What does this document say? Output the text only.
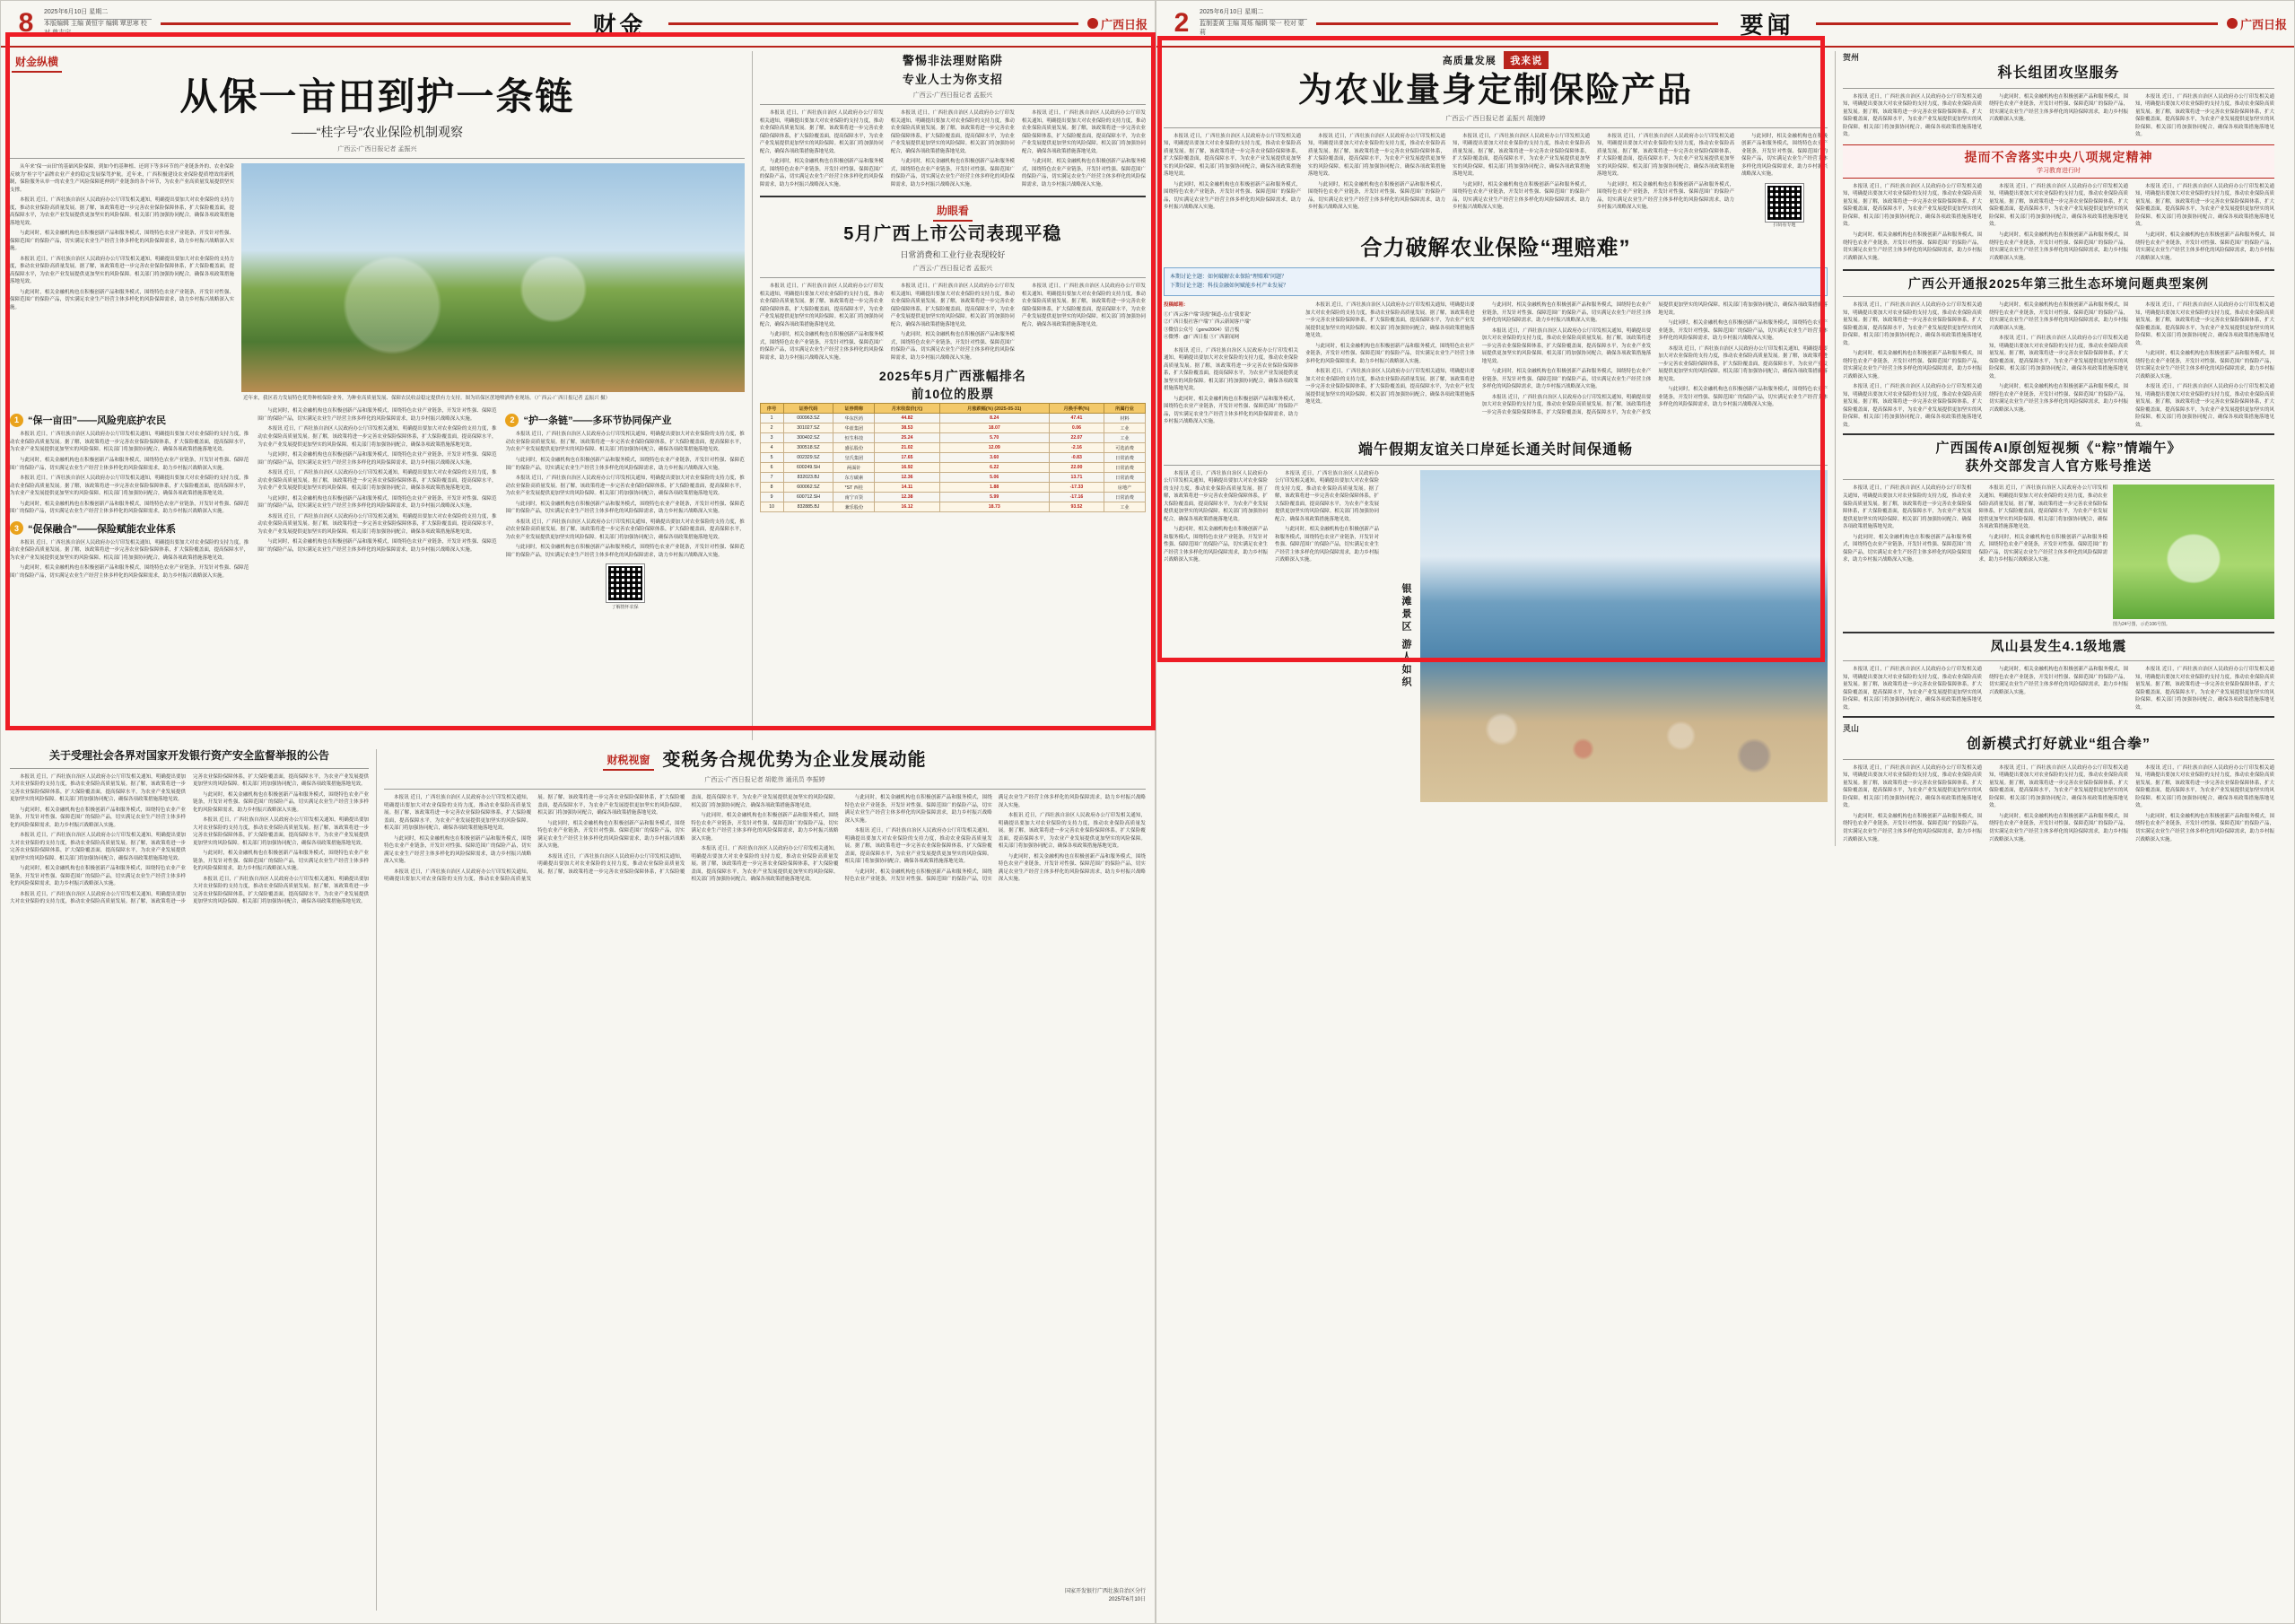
8	2025年6月10日 星期二
本版编辑 主编 黄恒宇 编辑 覃思寒 校对 曾志宁	财金	广西日报
财金纵横
从保一亩田到护一条链
——“桂字号”农业保险机制观察
广西云-广西日报记者 孟振兴

从年来“保一亩田”的基础风险保障，到如今的基种植、还到下等多环节的产业链条外的、农业保险反映为“桂字号”品牌农业产业的稳定发展保驾护航。近年来，广西积极建设农业保险提质增效的新机制，保险服务从单一的农业生产风险保障延伸到产业链条的各个环节，为农业产业高质量发展提供坚实支撑。

本报讯 近日，广西壮族自治区人民政府办公厅印发相关通知，明确提出要加大对农业保险的支持力度，推动农业保险高质量发展。据了解，该政策将进一步完善农业保险保障体系，扩大保险覆盖面，提高保障水平，为农业产业发展提供更加坚实的风险保障。相关部门将加强协同配合，确保各项政策措施落地见效。

与此同时，相关金融机构也在积极创新产品和服务模式，围绕特色农业产业链条，开发针对性强、保障范围广的保险产品，切实满足农业生产经营主体多样化的风险保障需求，助力乡村振兴战略深入实施。

本报讯 近日，广西壮族自治区人民政府办公厅印发相关通知，明确提出要加大对农业保险的支持力度，推动农业保险高质量发展。据了解，该政策将进一步完善农业保险保障体系，扩大保险覆盖面，提高保障水平，为农业产业发展提供更加坚实的风险保障。相关部门将加强协同配合，确保各项政策措施落地见效。

与此同时，相关金融机构也在积极创新产品和服务模式，围绕特色农业产业链条，开发针对性强、保障范围广的保险产品，切实满足农业生产经营主体多样化的风险保障需求，助力乡村振兴战略深入实施。

近年来，我区着力发展特色优势种植保险业务，为种业高质量发展、保障农民收益稳定提供有力支持。图为培保区蔗地喷洒作业现场。（广西云-广西日报记者 孟振兴 摄）
1 “保一亩田”——风险兜底护农民

本报讯 近日，广西壮族自治区人民政府办公厅印发相关通知，明确提出要加大对农业保险的支持力度，推动农业保险高质量发展。据了解，该政策将进一步完善农业保险保障体系，扩大保险覆盖面，提高保障水平，为农业产业发展提供更加坚实的风险保障。相关部门将加强协同配合，确保各项政策措施落地见效。

与此同时，相关金融机构也在积极创新产品和服务模式，围绕特色农业产业链条，开发针对性强、保障范围广的保险产品，切实满足农业生产经营主体多样化的风险保障需求，助力乡村振兴战略深入实施。

本报讯 近日，广西壮族自治区人民政府办公厅印发相关通知，明确提出要加大对农业保险的支持力度，推动农业保险高质量发展。据了解，该政策将进一步完善农业保险保障体系，扩大保险覆盖面，提高保障水平，为农业产业发展提供更加坚实的风险保障。相关部门将加强协同配合，确保各项政策措施落地见效。

与此同时，相关金融机构也在积极创新产品和服务模式，围绕特色农业产业链条，开发针对性强、保障范围广的保险产品，切实满足农业生产经营主体多样化的风险保障需求，助力乡村振兴战略深入实施。

3 “促保融合”——保险赋能农业体系

本报讯 近日，广西壮族自治区人民政府办公厅印发相关通知，明确提出要加大对农业保险的支持力度，推动农业保险高质量发展。据了解，该政策将进一步完善农业保险保障体系，扩大保险覆盖面，提高保障水平，为农业产业发展提供更加坚实的风险保障。相关部门将加强协同配合，确保各项政策措施落地见效。

与此同时，相关金融机构也在积极创新产品和服务模式，围绕特色农业产业链条，开发针对性强、保障范围广的保险产品，切实满足农业生产经营主体多样化的风险保障需求，助力乡村振兴战略深入实施。

与此同时，相关金融机构也在积极创新产品和服务模式，围绕特色农业产业链条，开发针对性强、保障范围广的保险产品，切实满足农业生产经营主体多样化的风险保障需求，助力乡村振兴战略深入实施。

本报讯 近日，广西壮族自治区人民政府办公厅印发相关通知，明确提出要加大对农业保险的支持力度，推动农业保险高质量发展。据了解，该政策将进一步完善农业保险保障体系，扩大保险覆盖面，提高保障水平，为农业产业发展提供更加坚实的风险保障。相关部门将加强协同配合，确保各项政策措施落地见效。

与此同时，相关金融机构也在积极创新产品和服务模式，围绕特色农业产业链条，开发针对性强、保障范围广的保险产品，切实满足农业生产经营主体多样化的风险保障需求，助力乡村振兴战略深入实施。

本报讯 近日，广西壮族自治区人民政府办公厅印发相关通知，明确提出要加大对农业保险的支持力度，推动农业保险高质量发展。据了解，该政策将进一步完善农业保险保障体系，扩大保险覆盖面，提高保障水平，为农业产业发展提供更加坚实的风险保障。相关部门将加强协同配合，确保各项政策措施落地见效。

与此同时，相关金融机构也在积极创新产品和服务模式，围绕特色农业产业链条，开发针对性强、保障范围广的保险产品，切实满足农业生产经营主体多样化的风险保障需求，助力乡村振兴战略深入实施。

本报讯 近日，广西壮族自治区人民政府办公厅印发相关通知，明确提出要加大对农业保险的支持力度，推动农业保险高质量发展。据了解，该政策将进一步完善农业保险保障体系，扩大保险覆盖面，提高保障水平，为农业产业发展提供更加坚实的风险保障。相关部门将加强协同配合，确保各项政策措施落地见效。

与此同时，相关金融机构也在积极创新产品和服务模式，围绕特色农业产业链条，开发针对性强、保障范围广的保险产品，切实满足农业生产经营主体多样化的风险保障需求，助力乡村振兴战略深入实施。

2 “护一条链”——多环节协同保产业

本报讯 近日，广西壮族自治区人民政府办公厅印发相关通知，明确提出要加大对农业保险的支持力度，推动农业保险高质量发展。据了解，该政策将进一步完善农业保险保障体系，扩大保险覆盖面，提高保障水平，为农业产业发展提供更加坚实的风险保障。相关部门将加强协同配合，确保各项政策措施落地见效。

与此同时，相关金融机构也在积极创新产品和服务模式，围绕特色农业产业链条，开发针对性强、保障范围广的保险产品，切实满足农业生产经营主体多样化的风险保障需求，助力乡村振兴战略深入实施。

本报讯 近日，广西壮族自治区人民政府办公厅印发相关通知，明确提出要加大对农业保险的支持力度，推动农业保险高质量发展。据了解，该政策将进一步完善农业保险保障体系，扩大保险覆盖面，提高保障水平，为农业产业发展提供更加坚实的风险保障。相关部门将加强协同配合，确保各项政策措施落地见效。

与此同时，相关金融机构也在积极创新产品和服务模式，围绕特色农业产业链条，开发针对性强、保障范围广的保险产品，切实满足农业生产经营主体多样化的风险保障需求，助力乡村振兴战略深入实施。

本报讯 近日，广西壮族自治区人民政府办公厅印发相关通知，明确提出要加大对农业保险的支持力度，推动农业保险高质量发展。据了解，该政策将进一步完善农业保险保障体系，扩大保险覆盖面，提高保障水平，为农业产业发展提供更加坚实的风险保障。相关部门将加强协同配合，确保各项政策措施落地见效。

与此同时，相关金融机构也在积极创新产品和服务模式，围绕特色农业产业链条，开发针对性强、保障范围广的保险产品，切实满足农业生产经营主体多样化的风险保障需求，助力乡村振兴战略深入实施。

了解情怀农保
警惕非法理财陷阱
专业人士为你支招
广西云-广西日报记者 孟振兴

本报讯 近日，广西壮族自治区人民政府办公厅印发相关通知，明确提出要加大对农业保险的支持力度，推动农业保险高质量发展。据了解，该政策将进一步完善农业保险保障体系，扩大保险覆盖面，提高保障水平，为农业产业发展提供更加坚实的风险保障。相关部门将加强协同配合，确保各项政策措施落地见效。

与此同时，相关金融机构也在积极创新产品和服务模式，围绕特色农业产业链条，开发针对性强、保障范围广的保险产品，切实满足农业生产经营主体多样化的风险保障需求，助力乡村振兴战略深入实施。

本报讯 近日，广西壮族自治区人民政府办公厅印发相关通知，明确提出要加大对农业保险的支持力度，推动农业保险高质量发展。据了解，该政策将进一步完善农业保险保障体系，扩大保险覆盖面，提高保障水平，为农业产业发展提供更加坚实的风险保障。相关部门将加强协同配合，确保各项政策措施落地见效。

与此同时，相关金融机构也在积极创新产品和服务模式，围绕特色农业产业链条，开发针对性强、保障范围广的保险产品，切实满足农业生产经营主体多样化的风险保障需求，助力乡村振兴战略深入实施。

本报讯 近日，广西壮族自治区人民政府办公厅印发相关通知，明确提出要加大对农业保险的支持力度，推动农业保险高质量发展。据了解，该政策将进一步完善农业保险保障体系，扩大保险覆盖面，提高保障水平，为农业产业发展提供更加坚实的风险保障。相关部门将加强协同配合，确保各项政策措施落地见效。

与此同时，相关金融机构也在积极创新产品和服务模式，围绕特色农业产业链条，开发针对性强、保障范围广的保险产品，切实满足农业生产经营主体多样化的风险保障需求，助力乡村振兴战略深入实施。

助眼看
5月广西上市公司表现平稳
日常消费和工业行业表现较好
广西云-广西日报记者 孟振兴

本报讯 近日，广西壮族自治区人民政府办公厅印发相关通知，明确提出要加大对农业保险的支持力度，推动农业保险高质量发展。据了解，该政策将进一步完善农业保险保障体系，扩大保险覆盖面，提高保障水平，为农业产业发展提供更加坚实的风险保障。相关部门将加强协同配合，确保各项政策措施落地见效。

与此同时，相关金融机构也在积极创新产品和服务模式，围绕特色农业产业链条，开发针对性强、保障范围广的保险产品，切实满足农业生产经营主体多样化的风险保障需求，助力乡村振兴战略深入实施。

本报讯 近日，广西壮族自治区人民政府办公厅印发相关通知，明确提出要加大对农业保险的支持力度，推动农业保险高质量发展。据了解，该政策将进一步完善农业保险保障体系，扩大保险覆盖面，提高保障水平，为农业产业发展提供更加坚实的风险保障。相关部门将加强协同配合，确保各项政策措施落地见效。

与此同时，相关金融机构也在积极创新产品和服务模式，围绕特色农业产业链条，开发针对性强、保障范围广的保险产品，切实满足农业生产经营主体多样化的风险保障需求，助力乡村振兴战略深入实施。

本报讯 近日，广西壮族自治区人民政府办公厅印发相关通知，明确提出要加大对农业保险的支持力度，推动农业保险高质量发展。据了解，该政策将进一步完善农业保险保障体系，扩大保险覆盖面，提高保障水平，为农业产业发展提供更加坚实的风险保障。相关部门将加强协同配合，确保各项政策措施落地见效。

2025年5月广西涨幅排名
前10位的股票
序号	证券代码	证券简称	月末收盘价(元)	月涨跌幅(%) (2025-05-31)	月换手率(%)	所属行业
1	000963.SZ	华东医药	44.82	8.24	47.41	材料
2	301027.SZ	华蓝集团	38.53	18.07	0.06	工业
3	300402.SZ	恒生科技	25.24	5.70	22.07	工业
4	300518.SZ	盛弘股份	21.02	12.09	-2.16	可选消费
5	002329.SZ	皇氏集团	17.65	3.60	-0.83	日常消费
6	600249.SH	两面针	16.92	6.22	22.00	日常消费
7	832023.BJ	东方碳素	12.36	5.06	13.71	日常消费
8	600062.SZ	*ST 西桂	14.11	1.88	-17.33	房地产
9	600712.SH	南宁百货	12.38	5.99	-17.16	日常消费
10	832885.BJ	兼乐股份	16.12	18.73	93.52	工业
关于受理社会各界对国家开发银行资产安全监督举报的公告

本报讯 近日，广西壮族自治区人民政府办公厅印发相关通知，明确提出要加大对农业保险的支持力度，推动农业保险高质量发展。据了解，该政策将进一步完善农业保险保障体系，扩大保险覆盖面，提高保障水平，为农业产业发展提供更加坚实的风险保障。相关部门将加强协同配合，确保各项政策措施落地见效。

与此同时，相关金融机构也在积极创新产品和服务模式，围绕特色农业产业链条，开发针对性强、保障范围广的保险产品，切实满足农业生产经营主体多样化的风险保障需求，助力乡村振兴战略深入实施。

本报讯 近日，广西壮族自治区人民政府办公厅印发相关通知，明确提出要加大对农业保险的支持力度，推动农业保险高质量发展。据了解，该政策将进一步完善农业保险保障体系，扩大保险覆盖面，提高保障水平，为农业产业发展提供更加坚实的风险保障。相关部门将加强协同配合，确保各项政策措施落地见效。

与此同时，相关金融机构也在积极创新产品和服务模式，围绕特色农业产业链条，开发针对性强、保障范围广的保险产品，切实满足农业生产经营主体多样化的风险保障需求，助力乡村振兴战略深入实施。

本报讯 近日，广西壮族自治区人民政府办公厅印发相关通知，明确提出要加大对农业保险的支持力度，推动农业保险高质量发展。据了解，该政策将进一步完善农业保险保障体系，扩大保险覆盖面，提高保障水平，为农业产业发展提供更加坚实的风险保障。相关部门将加强协同配合，确保各项政策措施落地见效。

与此同时，相关金融机构也在积极创新产品和服务模式，围绕特色农业产业链条，开发针对性强、保障范围广的保险产品，切实满足农业生产经营主体多样化的风险保障需求，助力乡村振兴战略深入实施。

本报讯 近日，广西壮族自治区人民政府办公厅印发相关通知，明确提出要加大对农业保险的支持力度，推动农业保险高质量发展。据了解，该政策将进一步完善农业保险保障体系，扩大保险覆盖面，提高保障水平，为农业产业发展提供更加坚实的风险保障。相关部门将加强协同配合，确保各项政策措施落地见效。

与此同时，相关金融机构也在积极创新产品和服务模式，围绕特色农业产业链条，开发针对性强、保障范围广的保险产品，切实满足农业生产经营主体多样化的风险保障需求，助力乡村振兴战略深入实施。

本报讯 近日，广西壮族自治区人民政府办公厅印发相关通知，明确提出要加大对农业保险的支持力度，推动农业保险高质量发展。据了解，该政策将进一步完善农业保险保障体系，扩大保险覆盖面，提高保障水平，为农业产业发展提供更加坚实的风险保障。相关部门将加强协同配合，确保各项政策措施落地见效。

财税视窗 变税务合规优势为企业发展动能
广西云-广西日报记者 胡乾伟 通讯员 李振婷

本报讯 近日，广西壮族自治区人民政府办公厅印发相关通知，明确提出要加大对农业保险的支持力度，推动农业保险高质量发展。据了解，该政策将进一步完善农业保险保障体系，扩大保险覆盖面，提高保障水平，为农业产业发展提供更加坚实的风险保障。相关部门将加强协同配合，确保各项政策措施落地见效。

与此同时，相关金融机构也在积极创新产品和服务模式，围绕特色农业产业链条，开发针对性强、保障范围广的保险产品，切实满足农业生产经营主体多样化的风险保障需求，助力乡村振兴战略深入实施。

本报讯 近日，广西壮族自治区人民政府办公厅印发相关通知，明确提出要加大对农业保险的支持力度，推动农业保险高质量发展。据了解，该政策将进一步完善农业保险保障体系，扩大保险覆盖面，提高保障水平，为农业产业发展提供更加坚实的风险保障。相关部门将加强协同配合，确保各项政策措施落地见效。

与此同时，相关金融机构也在积极创新产品和服务模式，围绕特色农业产业链条，开发针对性强、保障范围广的保险产品，切实满足农业生产经营主体多样化的风险保障需求，助力乡村振兴战略深入实施。

本报讯 近日，广西壮族自治区人民政府办公厅印发相关通知，明确提出要加大对农业保险的支持力度，推动农业保险高质量发展。据了解，该政策将进一步完善农业保险保障体系，扩大保险覆盖面，提高保障水平，为农业产业发展提供更加坚实的风险保障。相关部门将加强协同配合，确保各项政策措施落地见效。

与此同时，相关金融机构也在积极创新产品和服务模式，围绕特色农业产业链条，开发针对性强、保障范围广的保险产品，切实满足农业生产经营主体多样化的风险保障需求，助力乡村振兴战略深入实施。

本报讯 近日，广西壮族自治区人民政府办公厅印发相关通知，明确提出要加大对农业保险的支持力度，推动农业保险高质量发展。据了解，该政策将进一步完善农业保险保障体系，扩大保险覆盖面，提高保障水平，为农业产业发展提供更加坚实的风险保障。相关部门将加强协同配合，确保各项政策措施落地见效。

与此同时，相关金融机构也在积极创新产品和服务模式，围绕特色农业产业链条，开发针对性强、保障范围广的保险产品，切实满足农业生产经营主体多样化的风险保障需求，助力乡村振兴战略深入实施。

本报讯 近日，广西壮族自治区人民政府办公厅印发相关通知，明确提出要加大对农业保险的支持力度，推动农业保险高质量发展。据了解，该政策将进一步完善农业保险保障体系，扩大保险覆盖面，提高保障水平，为农业产业发展提供更加坚实的风险保障。相关部门将加强协同配合，确保各项政策措施落地见效。

与此同时，相关金融机构也在积极创新产品和服务模式，围绕特色农业产业链条，开发针对性强、保障范围广的保险产品，切实满足农业生产经营主体多样化的风险保障需求，助力乡村振兴战略深入实施。

本报讯 近日，广西壮族自治区人民政府办公厅印发相关通知，明确提出要加大对农业保险的支持力度，推动农业保险高质量发展。据了解，该政策将进一步完善农业保险保障体系，扩大保险覆盖面，提高保障水平，为农业产业发展提供更加坚实的风险保障。相关部门将加强协同配合，确保各项政策措施落地见效。

与此同时，相关金融机构也在积极创新产品和服务模式，围绕特色农业产业链条，开发针对性强、保障范围广的保险产品，切实满足农业生产经营主体多样化的风险保障需求，助力乡村振兴战略深入实施。

国家开发银行广西壮族自治区分行
2025年6月10日
2	2025年6月10日 星期二
监制娄黄 主编 周烁 编辑 梁一 校对 蒙莉	要闻	广西日报
高质量发展 我来说
为农业量身定制保险产品
广西云-广西日报记者 孟振兴 胡施婷

本报讯 近日，广西壮族自治区人民政府办公厅印发相关通知，明确提出要加大对农业保险的支持力度，推动农业保险高质量发展。据了解，该政策将进一步完善农业保险保障体系，扩大保险覆盖面，提高保障水平，为农业产业发展提供更加坚实的风险保障。相关部门将加强协同配合，确保各项政策措施落地见效。

与此同时，相关金融机构也在积极创新产品和服务模式，围绕特色农业产业链条，开发针对性强、保障范围广的保险产品，切实满足农业生产经营主体多样化的风险保障需求，助力乡村振兴战略深入实施。

本报讯 近日，广西壮族自治区人民政府办公厅印发相关通知，明确提出要加大对农业保险的支持力度，推动农业保险高质量发展。据了解，该政策将进一步完善农业保险保障体系，扩大保险覆盖面，提高保障水平，为农业产业发展提供更加坚实的风险保障。相关部门将加强协同配合，确保各项政策措施落地见效。

与此同时，相关金融机构也在积极创新产品和服务模式，围绕特色农业产业链条，开发针对性强、保障范围广的保险产品，切实满足农业生产经营主体多样化的风险保障需求，助力乡村振兴战略深入实施。

本报讯 近日，广西壮族自治区人民政府办公厅印发相关通知，明确提出要加大对农业保险的支持力度，推动农业保险高质量发展。据了解，该政策将进一步完善农业保险保障体系，扩大保险覆盖面，提高保障水平，为农业产业发展提供更加坚实的风险保障。相关部门将加强协同配合，确保各项政策措施落地见效。

与此同时，相关金融机构也在积极创新产品和服务模式，围绕特色农业产业链条，开发针对性强、保障范围广的保险产品，切实满足农业生产经营主体多样化的风险保障需求，助力乡村振兴战略深入实施。

本报讯 近日，广西壮族自治区人民政府办公厅印发相关通知，明确提出要加大对农业保险的支持力度，推动农业保险高质量发展。据了解，该政策将进一步完善农业保险保障体系，扩大保险覆盖面，提高保障水平，为农业产业发展提供更加坚实的风险保障。相关部门将加强协同配合，确保各项政策措施落地见效。

与此同时，相关金融机构也在积极创新产品和服务模式，围绕特色农业产业链条，开发针对性强、保障范围广的保险产品，切实满足农业生产经营主体多样化的风险保障需求，助力乡村振兴战略深入实施。

与此同时，相关金融机构也在积极创新产品和服务模式，围绕特色农业产业链条，开发针对性强、保障范围广的保险产品，切实满足农业生产经营主体多样化的风险保障需求，助力乡村振兴战略深入实施。

扫码看专题
合力破解农业保险“理赔难”
本期讨论主题：如何破解农业保险“理赔难”问题？
下期讨论主题：科技金融如何赋能乡村产业发展？
投稿邮箱：
①广西云客户端“读报”频道-点击“我要说”
②广西日报社客户端“广西云新闻客户端”
③微信公众号（gxrw2004）留言板
④微博：@广西日报 ⑤广西新闻网

本报讯 近日，广西壮族自治区人民政府办公厅印发相关通知，明确提出要加大对农业保险的支持力度，推动农业保险高质量发展。据了解，该政策将进一步完善农业保险保障体系，扩大保险覆盖面，提高保障水平，为农业产业发展提供更加坚实的风险保障。相关部门将加强协同配合，确保各项政策措施落地见效。

与此同时，相关金融机构也在积极创新产品和服务模式，围绕特色农业产业链条，开发针对性强、保障范围广的保险产品，切实满足农业生产经营主体多样化的风险保障需求，助力乡村振兴战略深入实施。

本报讯 近日，广西壮族自治区人民政府办公厅印发相关通知，明确提出要加大对农业保险的支持力度，推动农业保险高质量发展。据了解，该政策将进一步完善农业保险保障体系，扩大保险覆盖面，提高保障水平，为农业产业发展提供更加坚实的风险保障。相关部门将加强协同配合，确保各项政策措施落地见效。

与此同时，相关金融机构也在积极创新产品和服务模式，围绕特色农业产业链条，开发针对性强、保障范围广的保险产品，切实满足农业生产经营主体多样化的风险保障需求，助力乡村振兴战略深入实施。

本报讯 近日，广西壮族自治区人民政府办公厅印发相关通知，明确提出要加大对农业保险的支持力度，推动农业保险高质量发展。据了解，该政策将进一步完善农业保险保障体系，扩大保险覆盖面，提高保障水平，为农业产业发展提供更加坚实的风险保障。相关部门将加强协同配合，确保各项政策措施落地见效。

与此同时，相关金融机构也在积极创新产品和服务模式，围绕特色农业产业链条，开发针对性强、保障范围广的保险产品，切实满足农业生产经营主体多样化的风险保障需求，助力乡村振兴战略深入实施。

本报讯 近日，广西壮族自治区人民政府办公厅印发相关通知，明确提出要加大对农业保险的支持力度，推动农业保险高质量发展。据了解，该政策将进一步完善农业保险保障体系，扩大保险覆盖面，提高保障水平，为农业产业发展提供更加坚实的风险保障。相关部门将加强协同配合，确保各项政策措施落地见效。

与此同时，相关金融机构也在积极创新产品和服务模式，围绕特色农业产业链条，开发针对性强、保障范围广的保险产品，切实满足农业生产经营主体多样化的风险保障需求，助力乡村振兴战略深入实施。

本报讯 近日，广西壮族自治区人民政府办公厅印发相关通知，明确提出要加大对农业保险的支持力度，推动农业保险高质量发展。据了解，该政策将进一步完善农业保险保障体系，扩大保险覆盖面，提高保障水平，为农业产业发展提供更加坚实的风险保障。相关部门将加强协同配合，确保各项政策措施落地见效。

与此同时，相关金融机构也在积极创新产品和服务模式，围绕特色农业产业链条，开发针对性强、保障范围广的保险产品，切实满足农业生产经营主体多样化的风险保障需求，助力乡村振兴战略深入实施。

本报讯 近日，广西壮族自治区人民政府办公厅印发相关通知，明确提出要加大对农业保险的支持力度，推动农业保险高质量发展。据了解，该政策将进一步完善农业保险保障体系，扩大保险覆盖面，提高保障水平，为农业产业发展提供更加坚实的风险保障。相关部门将加强协同配合，确保各项政策措施落地见效。

与此同时，相关金融机构也在积极创新产品和服务模式，围绕特色农业产业链条，开发针对性强、保障范围广的保险产品，切实满足农业生产经营主体多样化的风险保障需求，助力乡村振兴战略深入实施。

端午假期友谊关口岸延长通关时间保通畅

本报讯 近日，广西壮族自治区人民政府办公厅印发相关通知，明确提出要加大对农业保险的支持力度，推动农业保险高质量发展。据了解，该政策将进一步完善农业保险保障体系，扩大保险覆盖面，提高保障水平，为农业产业发展提供更加坚实的风险保障。相关部门将加强协同配合，确保各项政策措施落地见效。

与此同时，相关金融机构也在积极创新产品和服务模式，围绕特色农业产业链条，开发针对性强、保障范围广的保险产品，切实满足农业生产经营主体多样化的风险保障需求，助力乡村振兴战略深入实施。

本报讯 近日，广西壮族自治区人民政府办公厅印发相关通知，明确提出要加大对农业保险的支持力度，推动农业保险高质量发展。据了解，该政策将进一步完善农业保险保障体系，扩大保险覆盖面，提高保障水平，为农业产业发展提供更加坚实的风险保障。相关部门将加强协同配合，确保各项政策措施落地见效。

与此同时，相关金融机构也在积极创新产品和服务模式，围绕特色农业产业链条，开发针对性强、保障范围广的保险产品，切实满足农业生产经营主体多样化的风险保障需求，助力乡村振兴战略深入实施。

银滩景区 游人如织
贺州
科长组团攻坚服务

本报讯 近日，广西壮族自治区人民政府办公厅印发相关通知，明确提出要加大对农业保险的支持力度，推动农业保险高质量发展。据了解，该政策将进一步完善农业保险保障体系，扩大保险覆盖面，提高保障水平，为农业产业发展提供更加坚实的风险保障。相关部门将加强协同配合，确保各项政策措施落地见效。

与此同时，相关金融机构也在积极创新产品和服务模式，围绕特色农业产业链条，开发针对性强、保障范围广的保险产品，切实满足农业生产经营主体多样化的风险保障需求，助力乡村振兴战略深入实施。

本报讯 近日，广西壮族自治区人民政府办公厅印发相关通知，明确提出要加大对农业保险的支持力度，推动农业保险高质量发展。据了解，该政策将进一步完善农业保险保障体系，扩大保险覆盖面，提高保障水平，为农业产业发展提供更加坚实的风险保障。相关部门将加强协同配合，确保各项政策措施落地见效。

提而不舍落实中央八项规定精神
学习教育进行时

本报讯 近日，广西壮族自治区人民政府办公厅印发相关通知，明确提出要加大对农业保险的支持力度，推动农业保险高质量发展。据了解，该政策将进一步完善农业保险保障体系，扩大保险覆盖面，提高保障水平，为农业产业发展提供更加坚实的风险保障。相关部门将加强协同配合，确保各项政策措施落地见效。

与此同时，相关金融机构也在积极创新产品和服务模式，围绕特色农业产业链条，开发针对性强、保障范围广的保险产品，切实满足农业生产经营主体多样化的风险保障需求，助力乡村振兴战略深入实施。

本报讯 近日，广西壮族自治区人民政府办公厅印发相关通知，明确提出要加大对农业保险的支持力度，推动农业保险高质量发展。据了解，该政策将进一步完善农业保险保障体系，扩大保险覆盖面，提高保障水平，为农业产业发展提供更加坚实的风险保障。相关部门将加强协同配合，确保各项政策措施落地见效。

与此同时，相关金融机构也在积极创新产品和服务模式，围绕特色农业产业链条，开发针对性强、保障范围广的保险产品，切实满足农业生产经营主体多样化的风险保障需求，助力乡村振兴战略深入实施。

本报讯 近日，广西壮族自治区人民政府办公厅印发相关通知，明确提出要加大对农业保险的支持力度，推动农业保险高质量发展。据了解，该政策将进一步完善农业保险保障体系，扩大保险覆盖面，提高保障水平，为农业产业发展提供更加坚实的风险保障。相关部门将加强协同配合，确保各项政策措施落地见效。

与此同时，相关金融机构也在积极创新产品和服务模式，围绕特色农业产业链条，开发针对性强、保障范围广的保险产品，切实满足农业生产经营主体多样化的风险保障需求，助力乡村振兴战略深入实施。

广西公开通报2025年第三批生态环境问题典型案例

本报讯 近日，广西壮族自治区人民政府办公厅印发相关通知，明确提出要加大对农业保险的支持力度，推动农业保险高质量发展。据了解，该政策将进一步完善农业保险保障体系，扩大保险覆盖面，提高保障水平，为农业产业发展提供更加坚实的风险保障。相关部门将加强协同配合，确保各项政策措施落地见效。

与此同时，相关金融机构也在积极创新产品和服务模式，围绕特色农业产业链条，开发针对性强、保障范围广的保险产品，切实满足农业生产经营主体多样化的风险保障需求，助力乡村振兴战略深入实施。

本报讯 近日，广西壮族自治区人民政府办公厅印发相关通知，明确提出要加大对农业保险的支持力度，推动农业保险高质量发展。据了解，该政策将进一步完善农业保险保障体系，扩大保险覆盖面，提高保障水平，为农业产业发展提供更加坚实的风险保障。相关部门将加强协同配合，确保各项政策措施落地见效。

与此同时，相关金融机构也在积极创新产品和服务模式，围绕特色农业产业链条，开发针对性强、保障范围广的保险产品，切实满足农业生产经营主体多样化的风险保障需求，助力乡村振兴战略深入实施。

本报讯 近日，广西壮族自治区人民政府办公厅印发相关通知，明确提出要加大对农业保险的支持力度，推动农业保险高质量发展。据了解，该政策将进一步完善农业保险保障体系，扩大保险覆盖面，提高保障水平，为农业产业发展提供更加坚实的风险保障。相关部门将加强协同配合，确保各项政策措施落地见效。

与此同时，相关金融机构也在积极创新产品和服务模式，围绕特色农业产业链条，开发针对性强、保障范围广的保险产品，切实满足农业生产经营主体多样化的风险保障需求，助力乡村振兴战略深入实施。

本报讯 近日，广西壮族自治区人民政府办公厅印发相关通知，明确提出要加大对农业保险的支持力度，推动农业保险高质量发展。据了解，该政策将进一步完善农业保险保障体系，扩大保险覆盖面，提高保障水平，为农业产业发展提供更加坚实的风险保障。相关部门将加强协同配合，确保各项政策措施落地见效。

与此同时，相关金融机构也在积极创新产品和服务模式，围绕特色农业产业链条，开发针对性强、保障范围广的保险产品，切实满足农业生产经营主体多样化的风险保障需求，助力乡村振兴战略深入实施。

本报讯 近日，广西壮族自治区人民政府办公厅印发相关通知，明确提出要加大对农业保险的支持力度，推动农业保险高质量发展。据了解，该政策将进一步完善农业保险保障体系，扩大保险覆盖面，提高保障水平，为农业产业发展提供更加坚实的风险保障。相关部门将加强协同配合，确保各项政策措施落地见效。

广西国传AI原创短视频《“粽”情端午》
获外交部发言人官方账号推送

本报讯 近日，广西壮族自治区人民政府办公厅印发相关通知，明确提出要加大对农业保险的支持力度，推动农业保险高质量发展。据了解，该政策将进一步完善农业保险保障体系，扩大保险覆盖面，提高保障水平，为农业产业发展提供更加坚实的风险保障。相关部门将加强协同配合，确保各项政策措施落地见效。

与此同时，相关金融机构也在积极创新产品和服务模式，围绕特色农业产业链条，开发针对性强、保障范围广的保险产品，切实满足农业生产经营主体多样化的风险保障需求，助力乡村振兴战略深入实施。

本报讯 近日，广西壮族自治区人民政府办公厅印发相关通知，明确提出要加大对农业保险的支持力度，推动农业保险高质量发展。据了解，该政策将进一步完善农业保险保障体系，扩大保险覆盖面，提高保障水平，为农业产业发展提供更加坚实的风险保障。相关部门将加强协同配合，确保各项政策措施落地见效。

与此同时，相关金融机构也在积极创新产品和服务模式，围绕特色农业产业链条，开发针对性强、保障范围广的保险产品，切实满足农业生产经营主体多样化的风险保障需求，助力乡村振兴战略深入实施。

图为24号图，示范106号图。
凤山县发生4.1级地震

本报讯 近日，广西壮族自治区人民政府办公厅印发相关通知，明确提出要加大对农业保险的支持力度，推动农业保险高质量发展。据了解，该政策将进一步完善农业保险保障体系，扩大保险覆盖面，提高保障水平，为农业产业发展提供更加坚实的风险保障。相关部门将加强协同配合，确保各项政策措施落地见效。

与此同时，相关金融机构也在积极创新产品和服务模式，围绕特色农业产业链条，开发针对性强、保障范围广的保险产品，切实满足农业生产经营主体多样化的风险保障需求，助力乡村振兴战略深入实施。

本报讯 近日，广西壮族自治区人民政府办公厅印发相关通知，明确提出要加大对农业保险的支持力度，推动农业保险高质量发展。据了解，该政策将进一步完善农业保险保障体系，扩大保险覆盖面，提高保障水平，为农业产业发展提供更加坚实的风险保障。相关部门将加强协同配合，确保各项政策措施落地见效。

灵山
创新模式打好就业“组合拳”

本报讯 近日，广西壮族自治区人民政府办公厅印发相关通知，明确提出要加大对农业保险的支持力度，推动农业保险高质量发展。据了解，该政策将进一步完善农业保险保障体系，扩大保险覆盖面，提高保障水平，为农业产业发展提供更加坚实的风险保障。相关部门将加强协同配合，确保各项政策措施落地见效。

与此同时，相关金融机构也在积极创新产品和服务模式，围绕特色农业产业链条，开发针对性强、保障范围广的保险产品，切实满足农业生产经营主体多样化的风险保障需求，助力乡村振兴战略深入实施。

本报讯 近日，广西壮族自治区人民政府办公厅印发相关通知，明确提出要加大对农业保险的支持力度，推动农业保险高质量发展。据了解，该政策将进一步完善农业保险保障体系，扩大保险覆盖面，提高保障水平，为农业产业发展提供更加坚实的风险保障。相关部门将加强协同配合，确保各项政策措施落地见效。

与此同时，相关金融机构也在积极创新产品和服务模式，围绕特色农业产业链条，开发针对性强、保障范围广的保险产品，切实满足农业生产经营主体多样化的风险保障需求，助力乡村振兴战略深入实施。

本报讯 近日，广西壮族自治区人民政府办公厅印发相关通知，明确提出要加大对农业保险的支持力度，推动农业保险高质量发展。据了解，该政策将进一步完善农业保险保障体系，扩大保险覆盖面，提高保障水平，为农业产业发展提供更加坚实的风险保障。相关部门将加强协同配合，确保各项政策措施落地见效。

与此同时，相关金融机构也在积极创新产品和服务模式，围绕特色农业产业链条，开发针对性强、保障范围广的保险产品，切实满足农业生产经营主体多样化的风险保障需求，助力乡村振兴战略深入实施。
